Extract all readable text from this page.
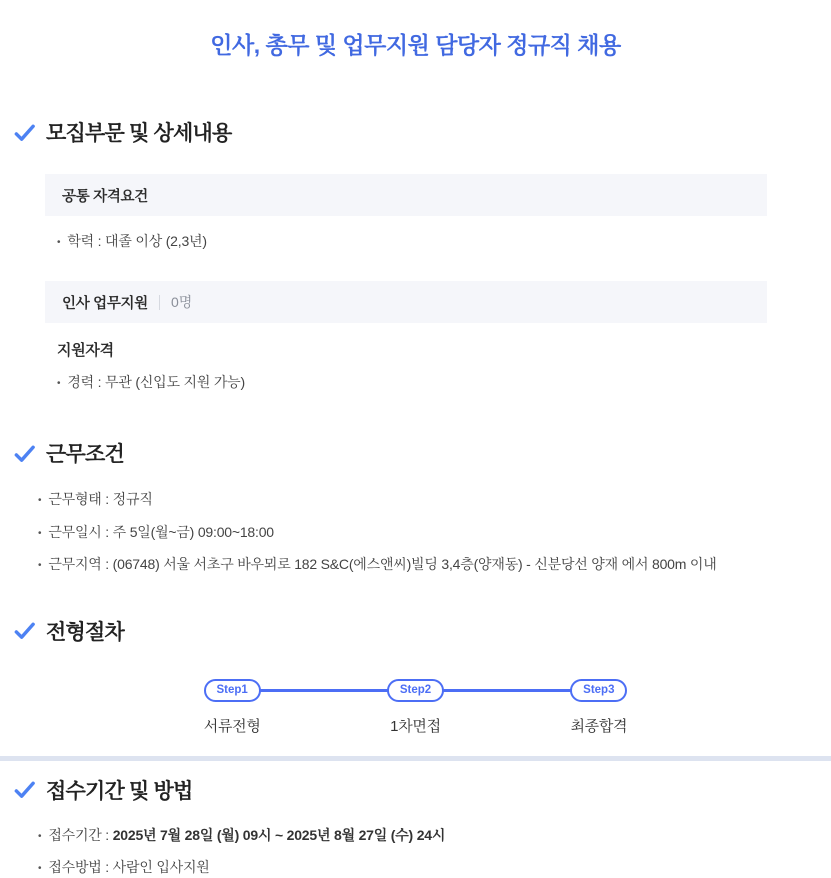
인사, 총무 및 업무지원 담당자 정규직 채용
모집부문 및 상세내용
공통 자격요건
• 학력 : 대졸 이상 (2,3년)
인사 업무지원 0명
지원자격
• 경력 : 무관 (신입도 지원 가능)
근무조건
• 근무형태 : 정규직
• 근무일시 : 주 5일(월~금) 09:00~18:00
• 근무지역 : (06748) 서울 서초구 바우뫼로 182 S&C(에스앤씨)빌딩 3,4층(양재동) - 신분당선 양재 에서 800m 이내
전형절차
Step1
서류전형
Step2
1차면접
Step3
최종합격
접수기간 및 방법
• 접수기간 : 2025년 7월 28일 (월) 09시 ~ 2025년 8월 27일 (수) 24시
• 접수방법 : 사람인 입사지원
